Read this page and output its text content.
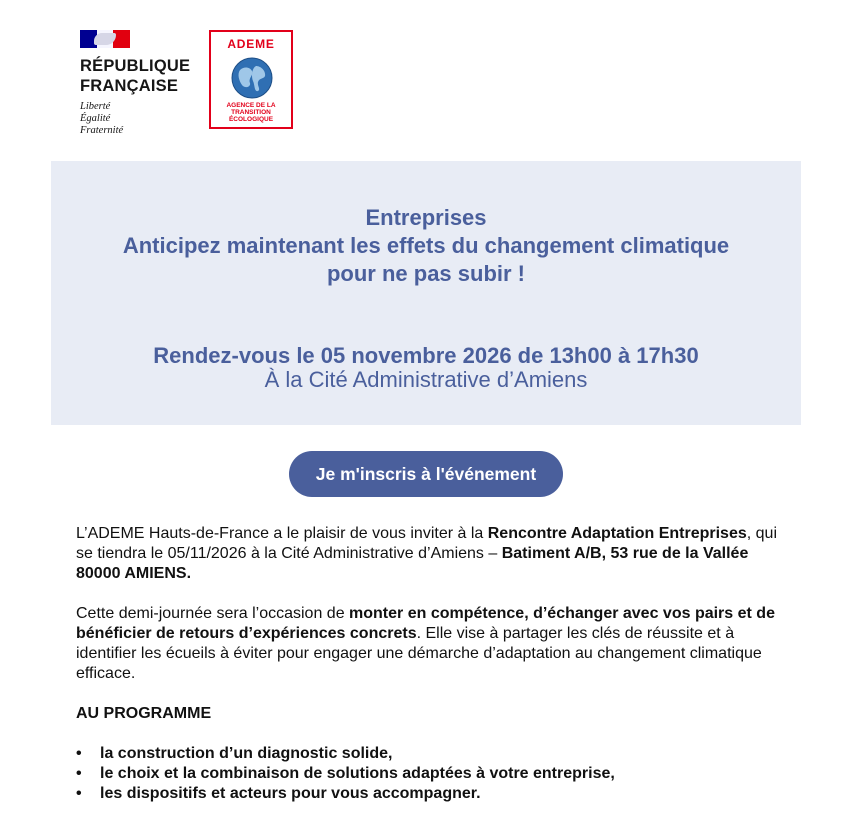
RÉPUBLIQUE
FRANÇAISE
Liberté
Égalité
Fraternité
ADEME
AGENCE DE LA
TRANSITION
ÉCOLOGIQUE
Entreprises
Anticipez maintenant les effets du changement climatique
pour ne pas subir !
Rendez-vous le 05 novembre 2026 de 13h00 à 17h30
À la Cité Administrative d’Amiens
Je m'inscris à l'événement

L’ADEME Hauts-de-France a le plaisir de vous inviter à la Rencontre Adaptation Entreprises, qui se tiendra le 05/11/2026 à la Cité Administrative d’Amiens – Batiment A/B, 53 rue de la Vallée 80000 AMIENS.

Cette demi-journée sera l’occasion de monter en compétence, d’échanger avec vos pairs et de bénéficier de retours d’expériences concrets. Elle vise à partager les clés de réussite et à identifier les écueils à éviter pour engager une démarche d’adaptation au changement climatique efficace.

AU PROGRAMME
• la construction d’un diagnostic solide,
• le choix et la combinaison de solutions adaptées à votre entreprise,
• les dispositifs et acteurs pour vous accompagner.
